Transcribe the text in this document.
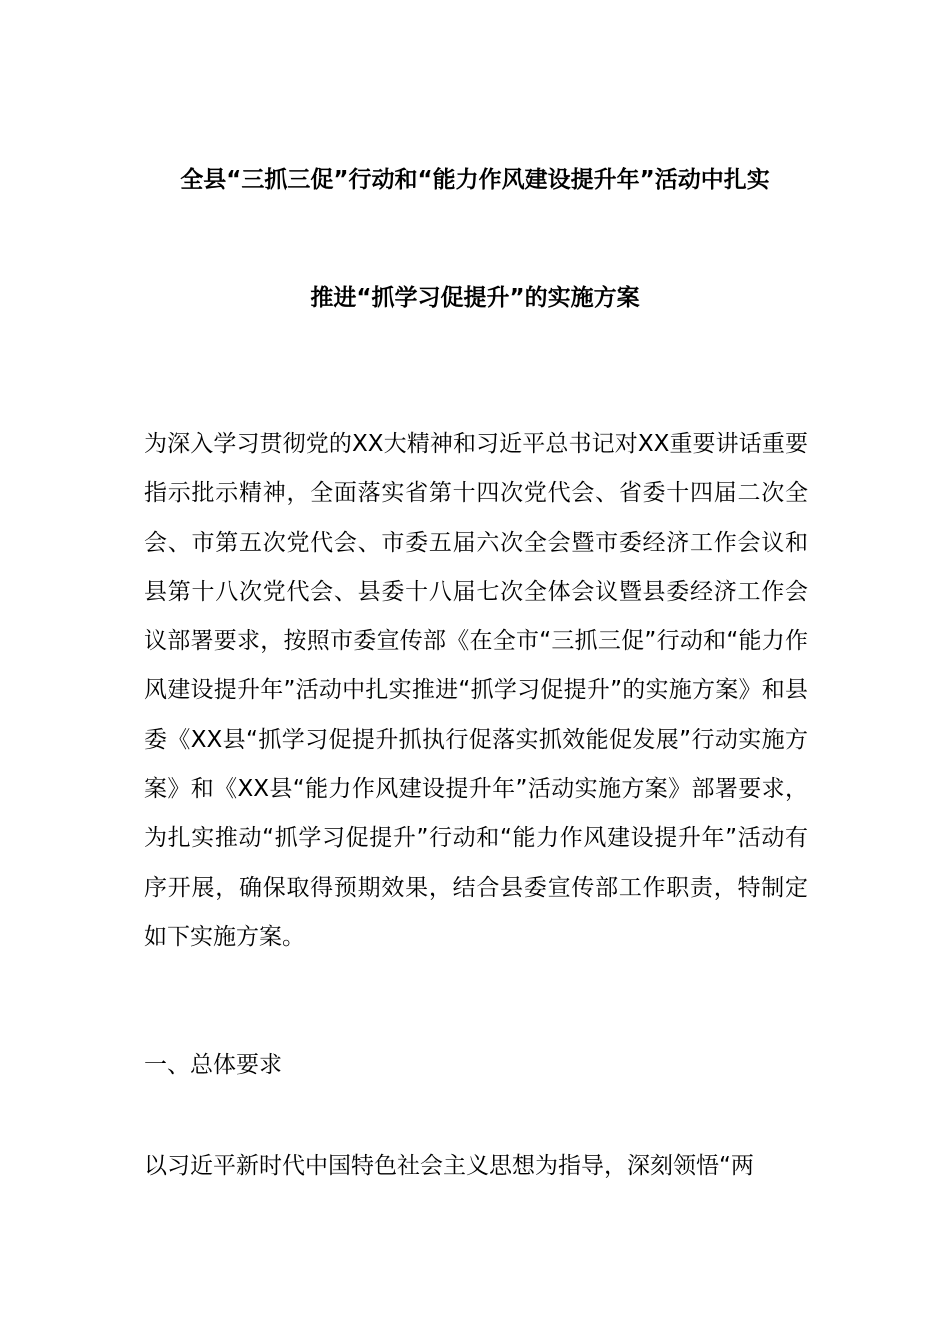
全县“三抓三促”行动和“能力作风建设提升年”活动中扎实
推进“抓学习促提升”的实施方案
为深入学习贯彻党的XX大精神和习近平总书记对XX重要讲话重要指示批示精神，全面落实省第十四次党代会、省委十四届二次全会、市第五次党代会、市委五届六次全会暨市委经济工作会议和县第十八次党代会、县委十八届七次全体会议暨县委经济工作会议部署要求，按照市委宣传部《在全市“三抓三促”行动和“能力作风建设提升年”活动中扎实推进“抓学习促提升”的实施方案》和县委《XX县“抓学习促提升抓执行促落实抓效能促发展”行动实施方案》和《XX县“能力作风建设提升年”活动实施方案》部署要求，为扎实推动“抓学习促提升”行动和“能力作风建设提升年”活动有序开展，确保取得预期效果，结合县委宣传部工作职责，特制定如下实施方案。
一、总体要求
以习近平新时代中国特色社会主义思想为指导，深刻领悟“两
